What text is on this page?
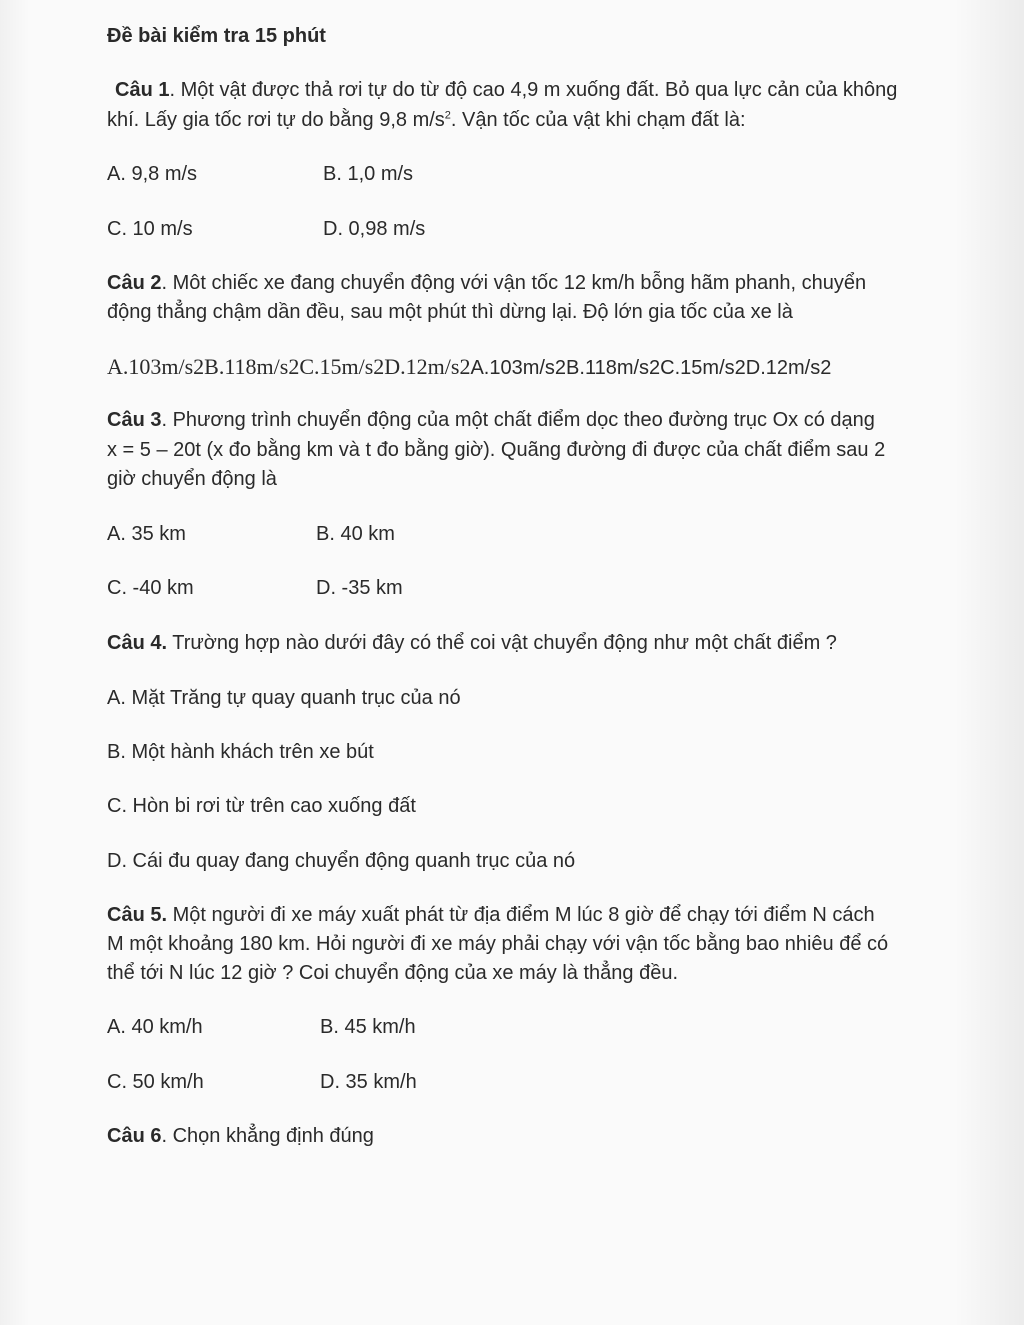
Đề bài kiểm tra 15 phút

Câu 1. Một vật được thả rơi tự do từ độ cao 4,9 m xuống đất. Bỏ qua lực cản của không

khí. Lấy gia tốc rơi tự do bằng 9,8 $m/s^2$. Vận tốc của vật khi chạm đất là:

A. 9,8 m/s	B. 1,0 m/s

C. 10 m/s	D. 0,98 m/s

Câu 2. Môt chiếc xe đang chuyển động với vận tốc 12 km/h bỗng hãm phanh, chuyển

động thẳng chậm dần đều, sau một phút thì dừng lại. Độ lớn gia tốc của xe là

A.103m/s2B.118m/s2C.15m/s2D.12m/s2A.103m/s2B.118m/s2C.15m/s2D.12m/s2

Câu 3. Phương trình chuyển động của một chất điểm dọc theo đường trục Ox có dạng

x = 5 – 20t (x đo bằng km và t đo bằng giờ). Quãng đường đi được của chất điểm sau 2

giờ chuyển động là

A. 35 km	B. 40 km

C. -40 km	D. -35 km

Câu 4. Trường hợp nào dưới đây có thể coi vật chuyển động như một chất điểm ?

A. Mặt Trăng tự quay quanh trục của nó

B. Một hành khách trên xe bút

C. Hòn bi rơi từ trên cao xuống đất

D. Cái đu quay đang chuyển động quanh trục của nó

Câu 5. Một người đi xe máy xuất phát từ địa điểm M lúc 8 giờ để chạy tới điểm N cách

M một khoảng 180 km. Hỏi người đi xe máy phải chạy với vận tốc bằng bao nhiêu để có

thể tới N lúc 12 giờ ? Coi chuyển động của xe máy là thẳng đều.

A. 40 km/h	B. 45 km/h

C. 50 km/h	D. 35 km/h

Câu 6. Chọn khẳng định đúng
